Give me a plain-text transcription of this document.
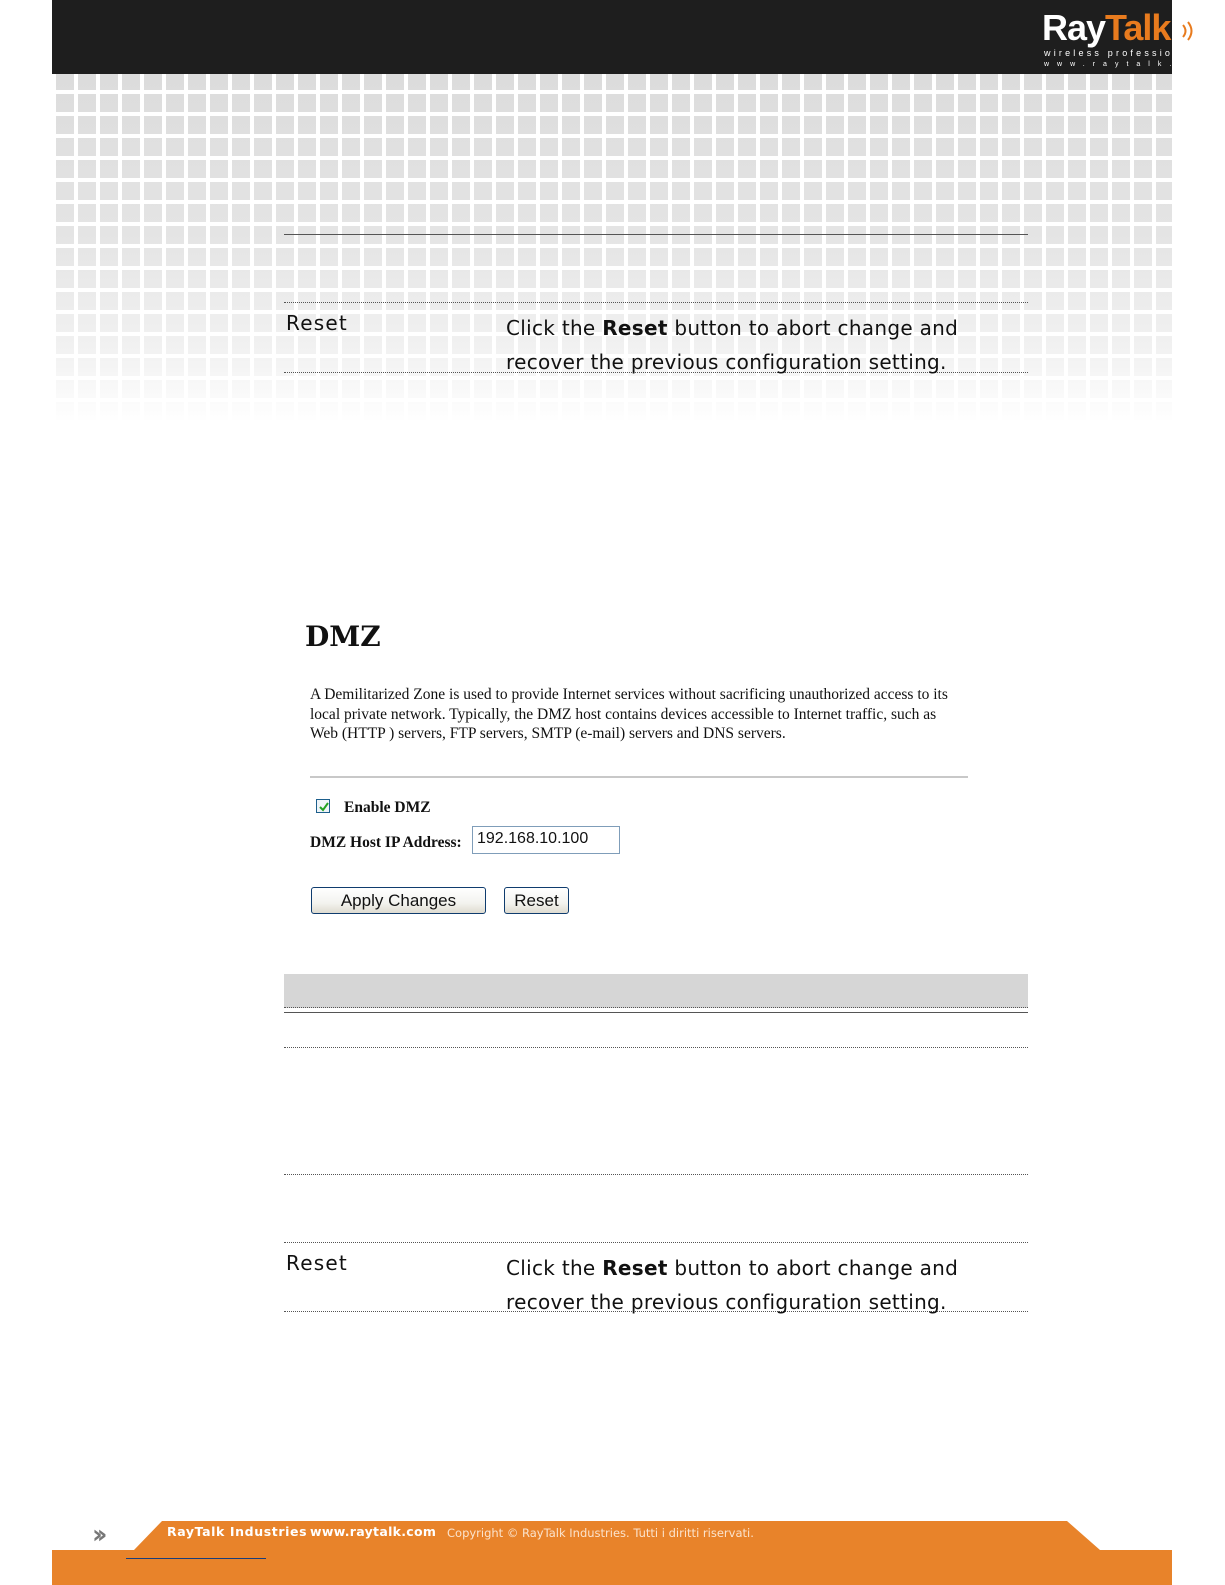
RayTalk
wireless professionals
www.raytalk.com
Reset	Click the Reset button to abort change and recover the previous configuration setting.
DMZ
A Demilitarized Zone is used to provide Internet services without sacrificing unauthorized access to its local private network. Typically, the DMZ host contains devices accessible to Internet traffic, such as Web (HTTP ) servers, FTP servers, SMTP (e-mail) servers and DNS servers.
Enable DMZ
DMZ Host IP Address: 192.168.10.100
Apply Changes	Reset
Reset	Click the Reset button to abort change and recover the previous configuration setting.
››	RayTalk Industries www.raytalk.com Copyright © RayTalk Industries. Tutti i diritti riservati.
